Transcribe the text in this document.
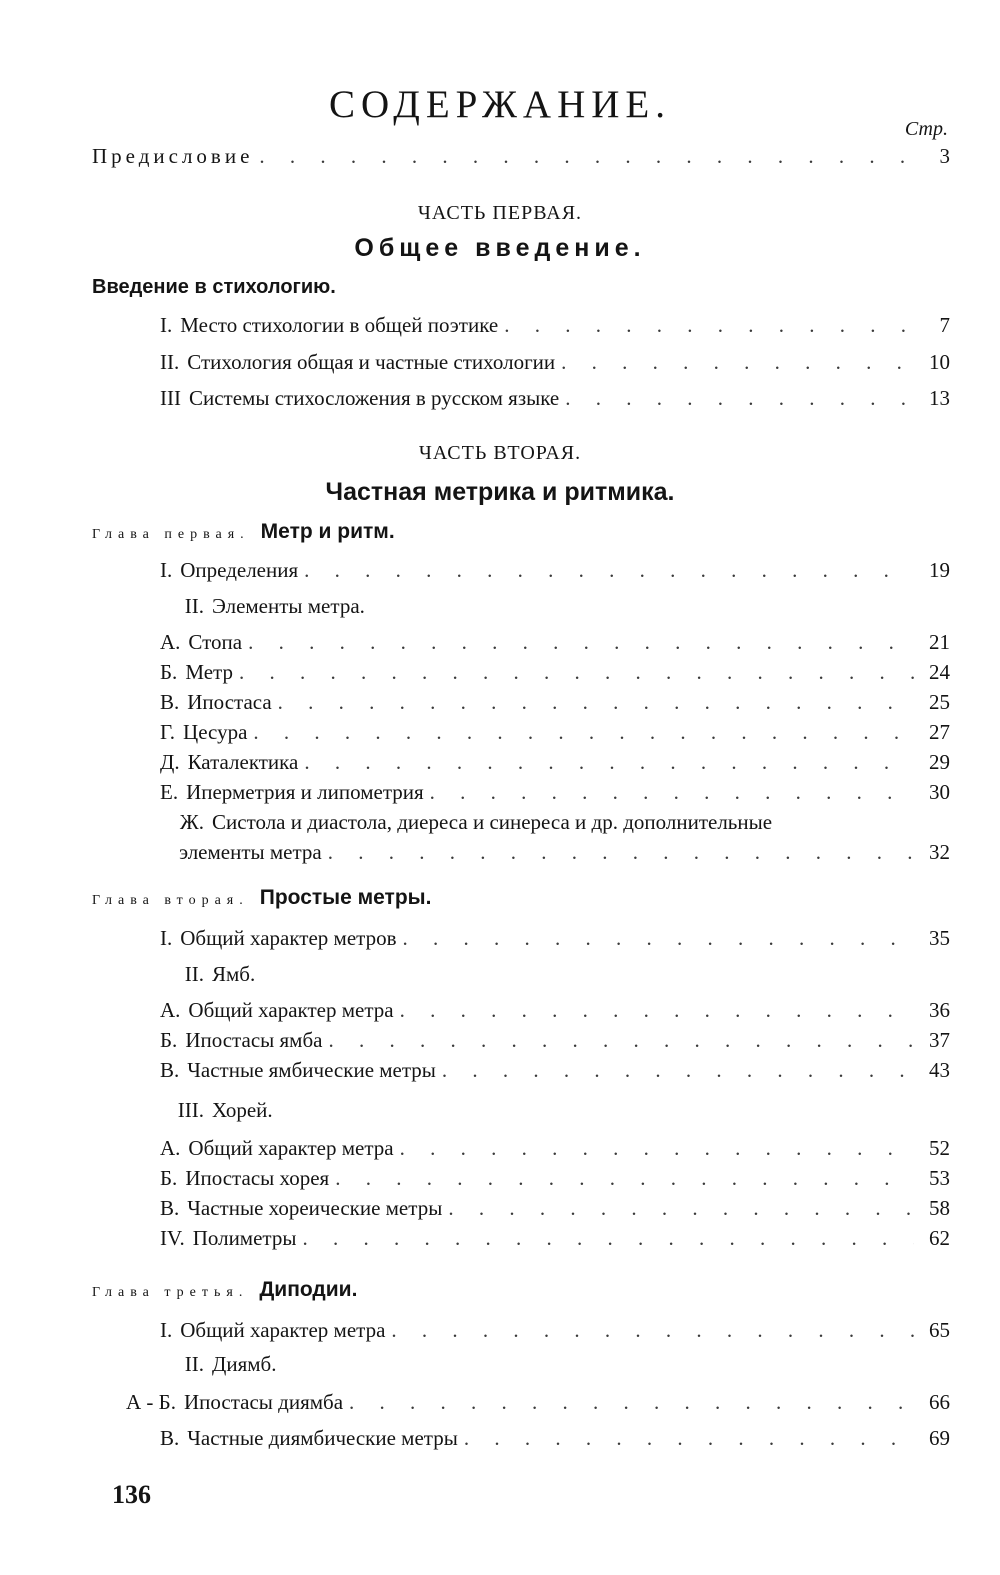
СОДЕРЖАНИЕ.
Стр.
Предисловие . . .	3
ЧАСТЬ ПЕРВАЯ.
Общее введение.
Введение в стихологию.
I. Место стихологии в общей поэтике . . .	7
II. Стихология общая и частные стихологии . . .	10
III Системы стихосложения в русском языке . . .	13
ЧАСТЬ ВТОРАЯ.
Частная метрика и ритмика.
Глава первая. Метр и ритм.
I. Определения . . .	19
II. Элементы метра.
А. Стопа . . .	21
Б. Метр . . .	24
В. Ипостаса . . .	25
Г. Цесура . . .	27
Д. Каталектика . . .	29
Е. Иперметрия и липометрия . . .	30
Ж. Систола и диастола, диереса и синереса и др. дополнительные
элементы метра . . .	32
Глава вторая. Простые метры.
I. Общий характер метров . . .	35
II. Ямб.
А. Общий характер метра . . .	36
Б. Ипостасы ямба . . .	37
В. Частные ямбические метры . . .	43
III. Хорей.
А. Общий характер метра . . .	52
Б. Ипостасы хорея . . .	53
В. Частные хореические метры . . .	58
IV. Полиметры . . .	62
Глава третья. Диподии.
I. Общий характер метра . . .	65
II. Диямб.
А - Б. Ипостасы диямба . . .	66
В. Частные диямбические метры . . .	69
136
